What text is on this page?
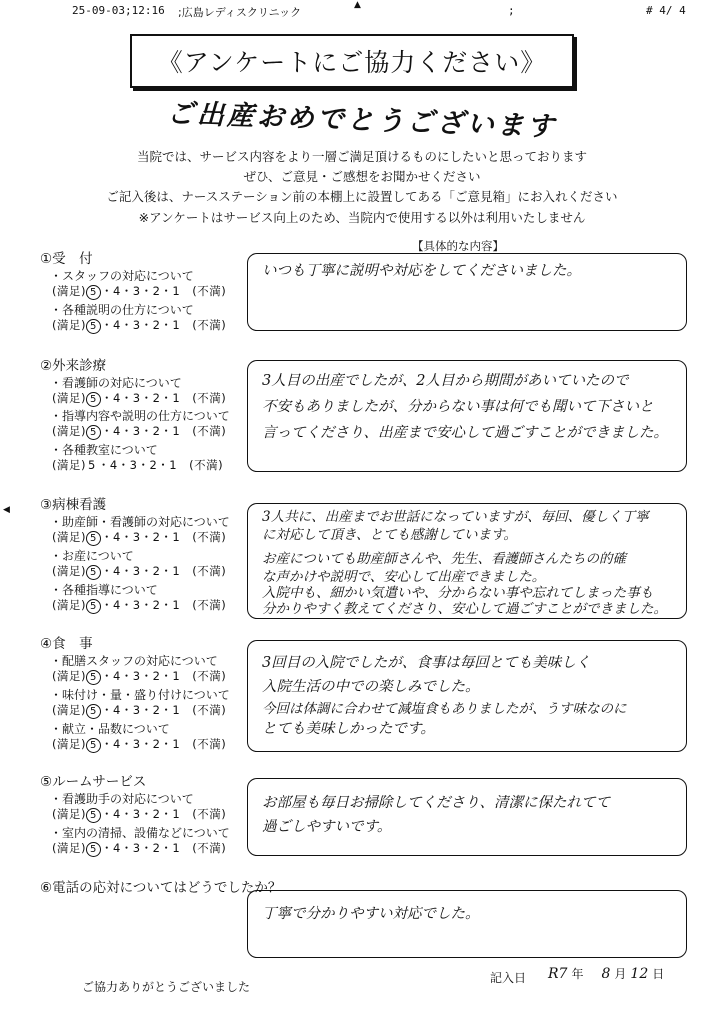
25-09-03;12:16 ;広島レディスクリニック
▲	;	# 4/ 4
◀
《アンケートにご協力ください》
ご出産おめでとうございます
当院では、サービス内容をより一層ご満足頂けるものにしたいと思っております
ぜひ、ご意見・ご感想をお聞かせください
ご記入後は、ナースステーション前の本棚上に設置してある「ご意見箱」にお入れください
※アンケートはサービス向上のため、当院内で使用する以外は利用いたしません
【具体的な内容】
①受　付
・スタッフの対応について
(満足) 5 ・4・3・2・1　 (不満)
・各種説明の仕方について
(満足) 5 ・4・3・2・1　 (不満)
いつも丁寧に説明や対応をしてくださいました。
②外来診療
・看護師の対応について
(満足) 5 ・4・3・2・1　 (不満)
・指導内容や説明の仕方について
(満足) 5 ・4・3・2・1　 (不満)
・各種教室について
(満足) 5 ・4・3・2・1　 (不満)
3人目の出産でしたが、2人目から期間があいていたので
不安もありましたが、分からない事は何でも聞いて下さいと
言ってくださり、出産まで安心して過ごすことができました。
③病棟看護
・助産師・看護師の対応について
(満足) 5 ・4・3・2・1　 (不満)
・お産について
(満足) 5 ・4・3・2・1　 (不満)
・各種指導について
(満足) 5 ・4・3・2・1　 (不満)
3人共に、出産までお世話になっていますが、毎回、優しく丁寧
に対応して頂き、とても感謝しています。
お産についても助産師さんや、先生、看護師さんたちの的確
な声かけや説明で、安心して出産できました。
入院中も、細かい気遣いや、分からない事や忘れてしまった事も
分かりやすく教えてくださり、安心して過ごすことができました。
④食　事
・配膳スタッフの対応について
(満足) 5 ・4・3・2・1　 (不満)
・味付け・量・盛り付けについて
(満足) 5 ・4・3・2・1　 (不満)
・献立・品数について
(満足) 5 ・4・3・2・1　 (不満)
3回目の入院でしたが、食事は毎回とても美味しく
入院生活の中での楽しみでした。
今回は体調に合わせて減塩食もありましたが、うす味なのに
とても美味しかったです。
⑤ルームサービス
・看護助手の対応について
(満足) 5 ・4・3・2・1　 (不満)
・室内の清掃、設備などについて
(満足) 5 ・4・3・2・1　 (不満)
お部屋も毎日お掃除してくださり、清潔に保たれてて
過ごしやすいです。
⑥電話の応対についてはどうでしたか？
丁寧で分かりやすい対応でした。
ご協力ありがとうございました
記入日 R7 年 8 月 12 日
